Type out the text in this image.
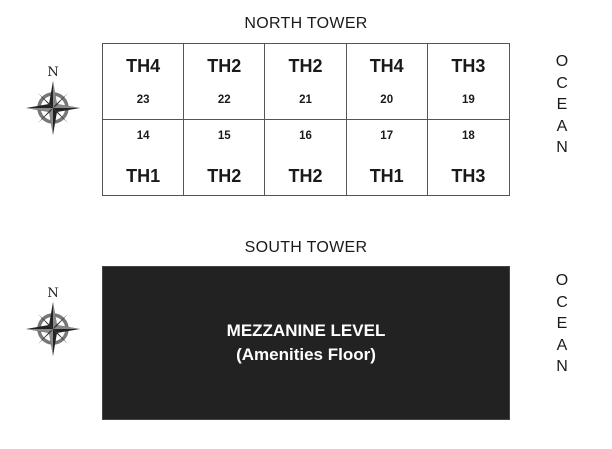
NORTH TOWER
TH4
23
TH2
22
TH2
21
TH4
20
TH3
19
14
TH1
15
TH2
16
TH2
17
TH1
18
TH3
SOUTH TOWER
MEZZANINE LEVEL
(Amenities Floor)
O
C
E
A
N
O
C
E
A
N
N
N
